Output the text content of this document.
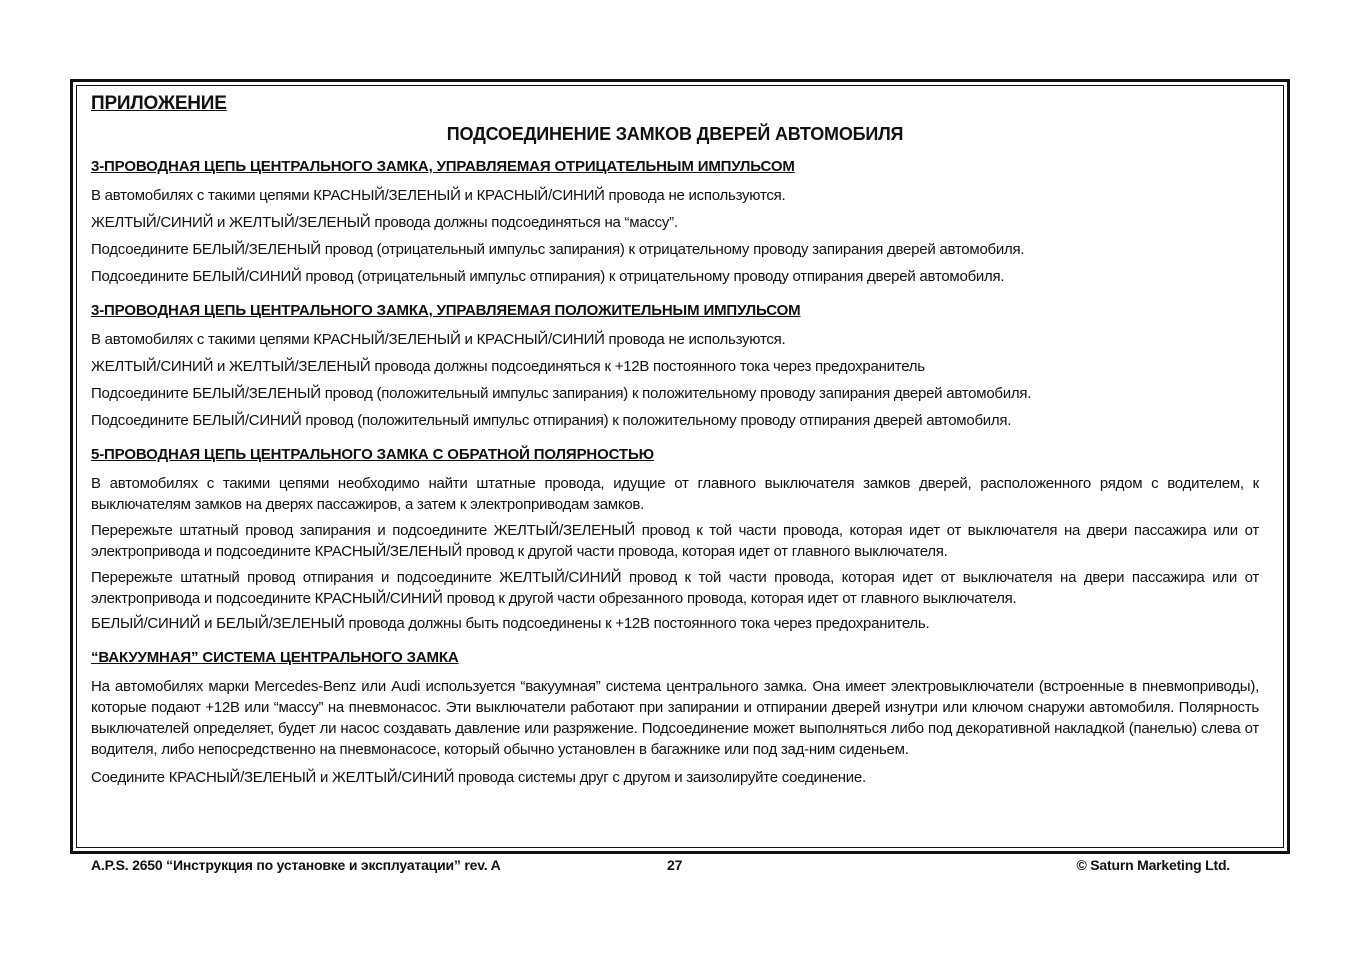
ПРИЛОЖЕНИЕ
ПОДСОЕДИНЕНИЕ ЗАМКОВ ДВЕРЕЙ АВТОМОБИЛЯ
3-ПРОВОДНАЯ ЦЕПЬ ЦЕНТРАЛЬНОГО ЗАМКА, УПРАВЛЯЕМАЯ ОТРИЦАТЕЛЬНЫМ ИМПУЛЬСОМ

В автомобилях с такими цепями КРАСНЫЙ/ЗЕЛЕНЫЙ и КРАСНЫЙ/СИНИЙ провода не используются.

ЖЕЛТЫЙ/СИНИЙ и ЖЕЛТЫЙ/ЗЕЛЕНЫЙ провода должны подсоединяться на “массу”.

Подсоедините БЕЛЫЙ/ЗЕЛЕНЫЙ провод (отрицательный импульс запирания) к отрицательному проводу запирания дверей автомобиля.

Подсоедините БЕЛЫЙ/СИНИЙ провод (отрицательный импульс отпирания) к отрицательному проводу отпирания дверей автомобиля.

3-ПРОВОДНАЯ ЦЕПЬ ЦЕНТРАЛЬНОГО ЗАМКА, УПРАВЛЯЕМАЯ ПОЛОЖИТЕЛЬНЫМ ИМПУЛЬСОМ

В автомобилях с такими цепями КРАСНЫЙ/ЗЕЛЕНЫЙ и КРАСНЫЙ/СИНИЙ провода не используются.

ЖЕЛТЫЙ/СИНИЙ и ЖЕЛТЫЙ/ЗЕЛЕНЫЙ провода должны подсоединяться к +12В постоянного тока через предохранитель

Подсоедините БЕЛЫЙ/ЗЕЛЕНЫЙ провод (положительный импульс запирания) к положительному проводу запирания дверей автомобиля.

Подсоедините БЕЛЫЙ/СИНИЙ провод (положительный импульс отпирания) к положительному проводу отпирания дверей автомобиля.

5-ПРОВОДНАЯ ЦЕПЬ ЦЕНТРАЛЬНОГО ЗАМКА С ОБРАТНОЙ ПОЛЯРНОСТЬЮ

В автомобилях с такими цепями необходимо найти штатные провода, идущие от главного выключателя замков дверей, расположенного рядом с водителем, к выключателям замков на дверях пассажиров, а затем к электроприводам замков.

Перережьте штатный провод запирания и подсоедините ЖЕЛТЫЙ/ЗЕЛЕНЫЙ провод к той части провода, которая идет от выключателя на двери пассажира или от электропривода и подсоедините КРАСНЫЙ/ЗЕЛЕНЫЙ провод к другой части провода, которая идет от главного выключателя.

Перережьте штатный провод отпирания и подсоедините ЖЕЛТЫЙ/СИНИЙ провод к той части провода, которая идет от выключателя на двери пассажира или от электропривода и подсоедините КРАСНЫЙ/СИНИЙ провод к другой части обрезанного провода, которая идет от главного выключателя.

БЕЛЫЙ/СИНИЙ и БЕЛЫЙ/ЗЕЛЕНЫЙ провода должны быть подсоединены к +12В постоянного тока через предохранитель.

“ВАКУУМНАЯ” СИСТЕМА ЦЕНТРАЛЬНОГО ЗАМКА

На автомобилях марки Mercedes-Benz или Audi используется “вакуумная” система центрального замка. Она имеет электровыключатели (встроенные в пневмоприводы), которые подают +12В или “массу” на пневмонасос. Эти выключатели работают при запирании и отпирании дверей изнутри или ключом снаружи автомобиля. Полярность выключателей определяет, будет ли насос создавать давление или разряжение. Подсоединение может выполняться либо под декоративной накладкой (панелью) слева от водителя, либо непосредственно на пневмонасосе, который обычно установлен в багажнике или под зад-ним сиденьем.

Соедините КРАСНЫЙ/ЗЕЛЕНЫЙ и ЖЕЛТЫЙ/СИНИЙ провода системы друг с другом и заизолируйте соединение.

A.P.S. 2650 “Инструкция по установке и эксплуатации” rev. A	27	© Saturn Marketing Ltd.
